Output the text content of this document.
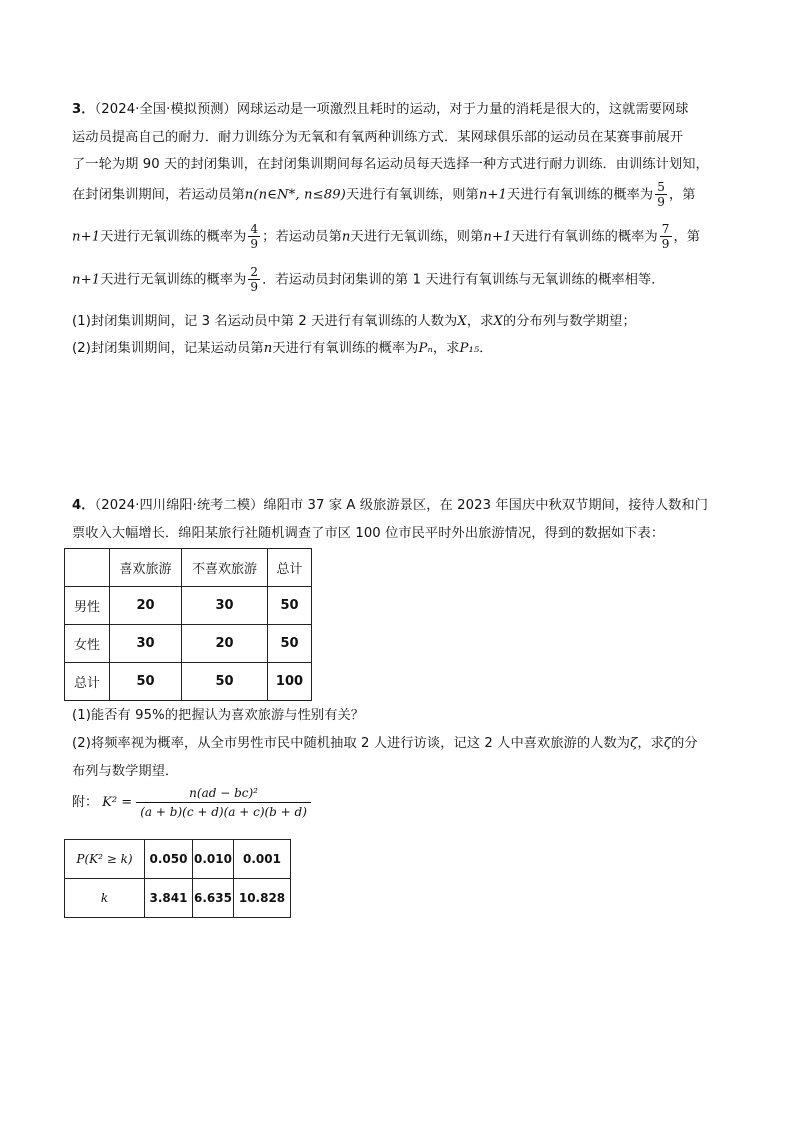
3．（2024·全国·模拟预测）网球运动是一项激烈且耗时的运动，对于力量的消耗是很大的，这就需要网球
运动员提高自己的耐力．耐力训练分为无氧和有氧两种训练方式．某网球俱乐部的运动员在某赛事前展开
了一轮为期 90 天的封闭集训，在封闭集训期间每名运动员每天选择一种方式进行耐力训练．由训练计划知，
在封闭集训期间，若运动员第n(n∈N*, n≤89)天进行有氧训练，则第n+1天进行有氧训练的概率为 $\frac{5}{9}$ ，第
n+1天进行无氧训练的概率为 $\frac{4}{9}$ ；若运动员第n天进行无氧训练，则第n+1天进行有氧训练的概率为 $\frac{7}{9}$ ，第
n+1天进行无氧训练的概率为 $\frac{2}{9}$ ．若运动员封闭集训的第 1 天进行有氧训练与无氧训练的概率相等．
(1)封闭集训期间，记 3 名运动员中第 2 天进行有氧训练的人数为X，求X的分布列与数学期望；
(2)封闭集训期间，记某运动员第n天进行有氧训练的概率为Pₙ，求P₁₅．
4．（2024·四川绵阳·统考二模）绵阳市 37 家 A 级旅游景区，在 2023 年国庆中秋双节期间，接待人数和门
票收入大幅增长．绵阳某旅行社随机调查了市区 100 位市民平时外出旅游情况，得到的数据如下表：
	喜欢旅游	不喜欢旅游	总计
男性	20	30	50
女性	30	20	50
总计	50	50	100
(1)能否有 95%的把握认为喜欢旅游与性别有关？
(2)将频率视为概率，从全市男性市民中随机抽取 2 人进行访谈，记这 2 人中喜欢旅游的人数为ζ，求ζ的分
布列与数学期望．
附： $K^2 = \frac{\text{n(ad − bc)²}}{(a + b)(c + d)(a + c)(b + d)}$
P(K² ≥ k)	0.050	0.010	0.001
k	3.841	6.635	10.828
